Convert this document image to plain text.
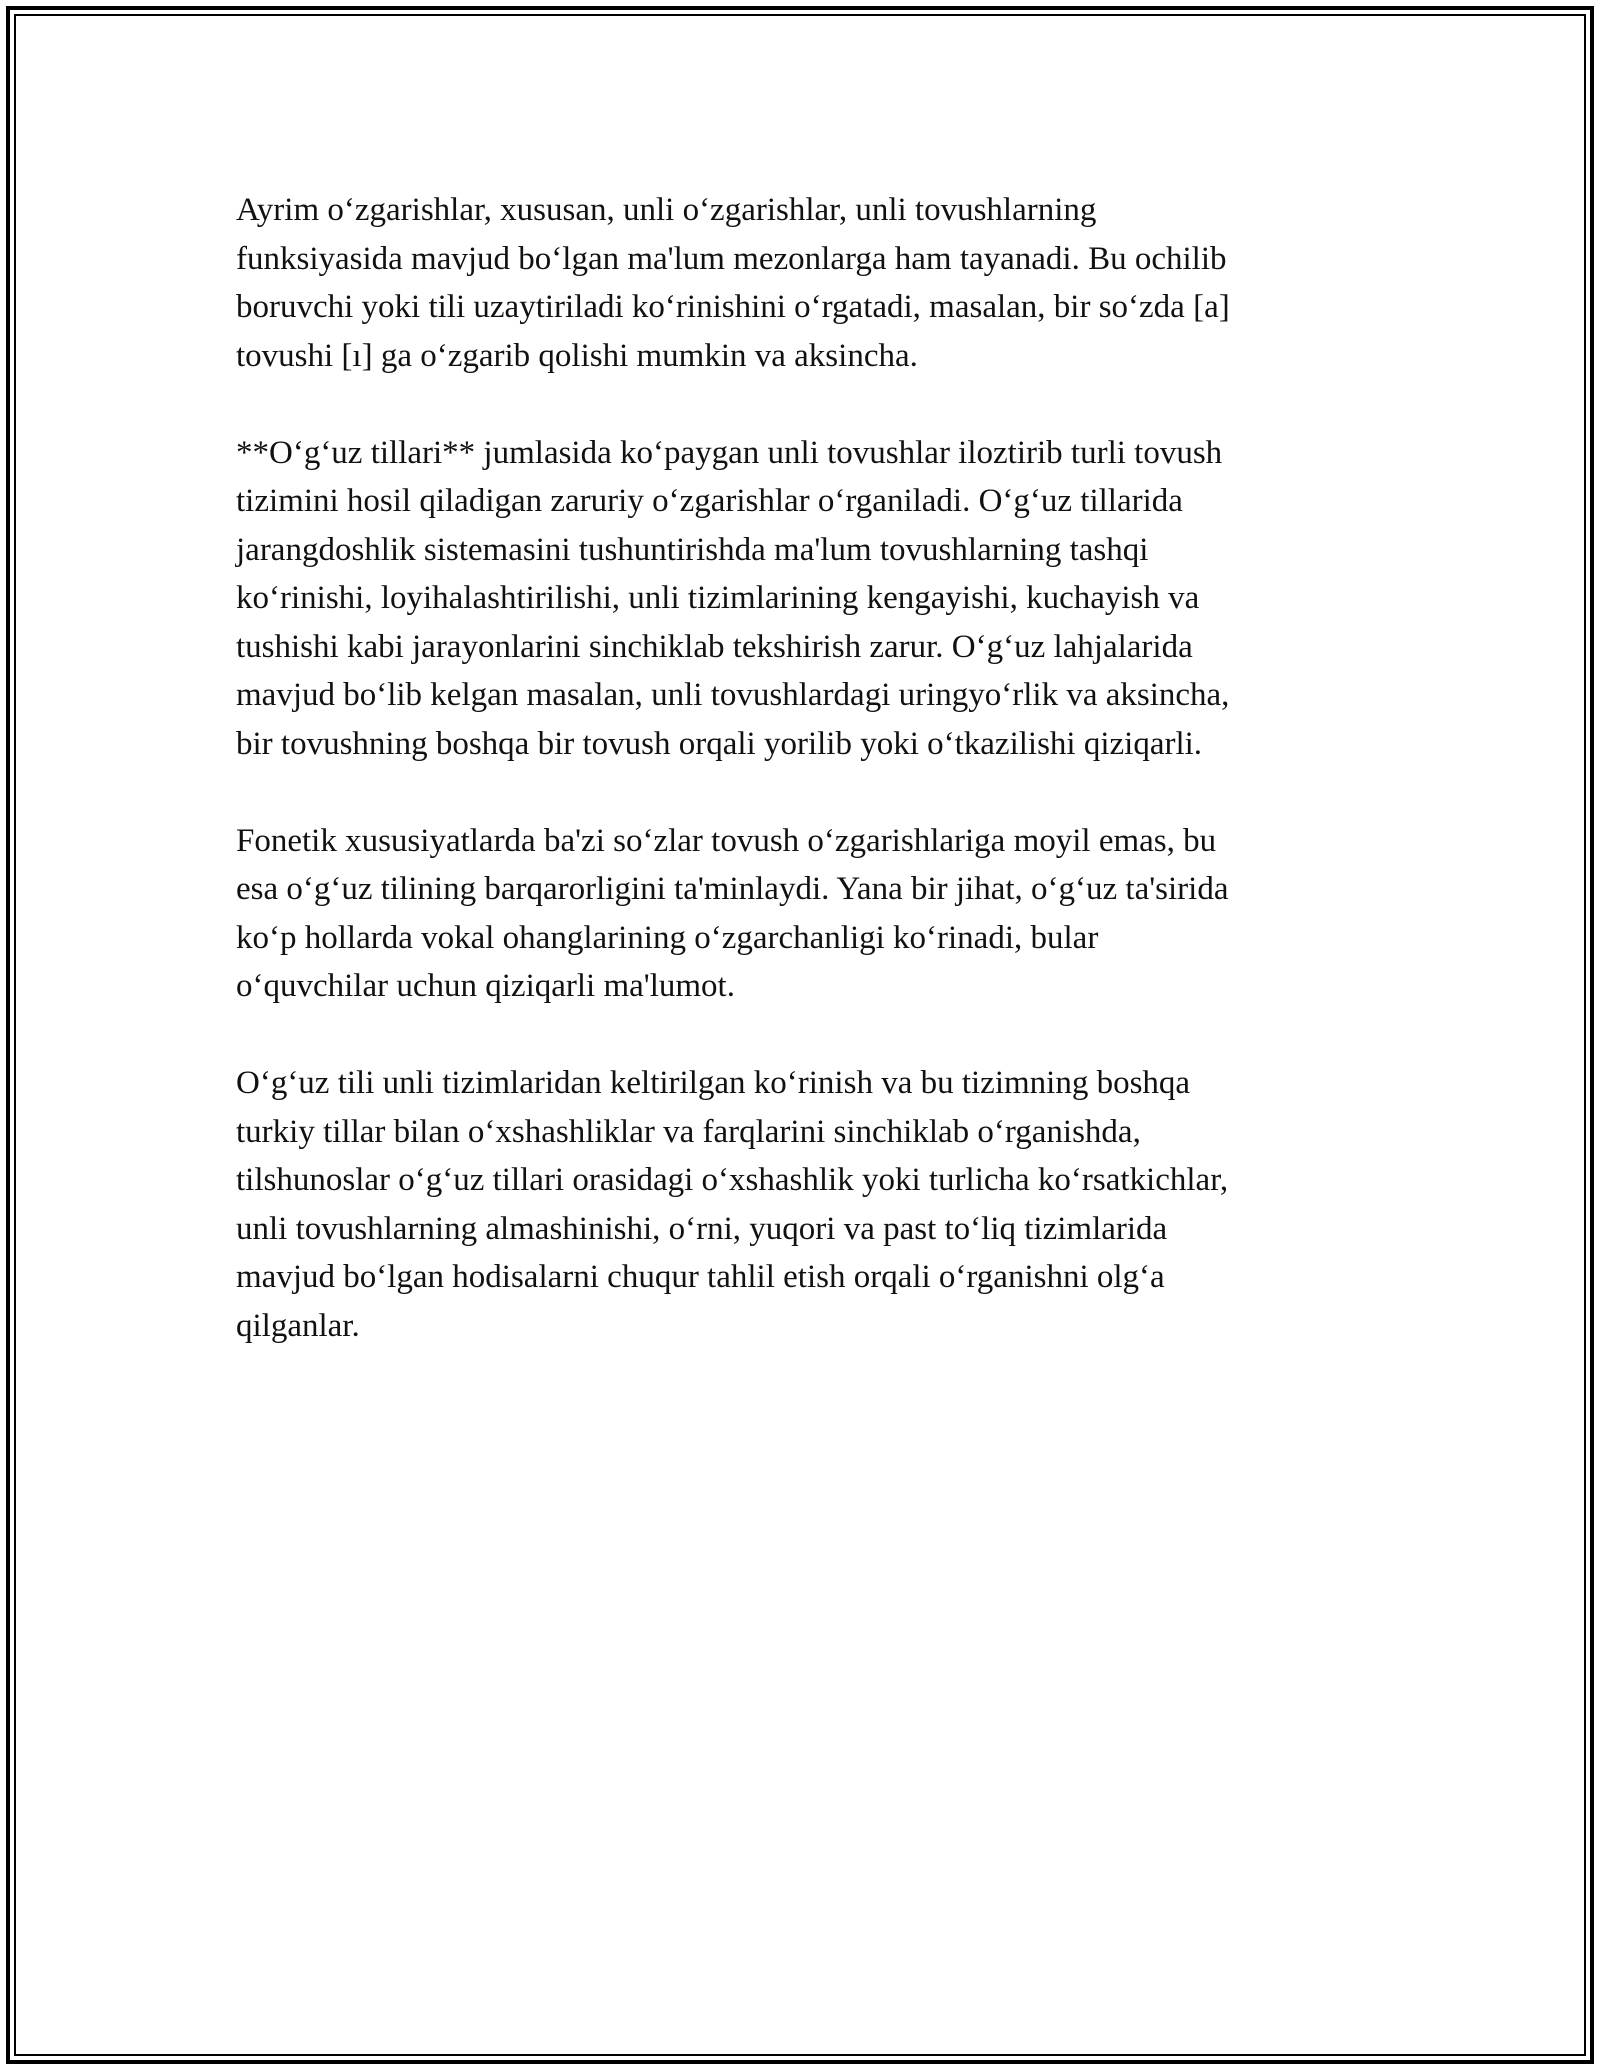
Ayrim o‘zgarishlar, xususan, unli o‘zgarishlar, unli tovushlarning
funksiyasida mavjud bo‘lgan ma'lum mezonlarga ham tayanadi. Bu ochilib
boruvchi yoki tili uzaytiriladi ko‘rinishini o‘rgatadi, masalan, bir so‘zda [a]
tovushi [ı] ga o‘zgarib qolishi mumkin va aksincha.

**O‘g‘uz tillari** jumlasida ko‘paygan unli tovushlar iloztirib turli tovush
tizimini hosil qiladigan zaruriy o‘zgarishlar o‘rganiladi. O‘g‘uz tillarida
jarangdoshlik sistemasini tushuntirishda ma'lum tovushlarning tashqi
ko‘rinishi, loyihalashtirilishi, unli tizimlarining kengayishi, kuchayish va
tushishi kabi jarayonlarini sinchiklab tekshirish zarur. O‘g‘uz lahjalarida
mavjud bo‘lib kelgan masalan, unli tovushlardagi uringyo‘rlik va aksincha,
bir tovushning boshqa bir tovush orqali yorilib yoki o‘tkazilishi qiziqarli.

Fonetik xususiyatlarda ba'zi so‘zlar tovush o‘zgarishlariga moyil emas, bu
esa o‘g‘uz tilining barqarorligini ta'minlaydi. Yana bir jihat, o‘g‘uz ta'sirida
ko‘p hollarda vokal ohanglarining o‘zgarchanligi ko‘rinadi, bular
o‘quvchilar uchun qiziqarli ma'lumot.

O‘g‘uz tili unli tizimlaridan keltirilgan ko‘rinish va bu tizimning boshqa
turkiy tillar bilan o‘xshashliklar va farqlarini sinchiklab o‘rganishda,
tilshunoslar o‘g‘uz tillari orasidagi o‘xshashlik yoki turlicha ko‘rsatkichlar,
unli tovushlarning almashinishi, o‘rni, yuqori va past to‘liq tizimlarida
mavjud bo‘lgan hodisalarni chuqur tahlil etish orqali o‘rganishni olg‘a
qilganlar.
